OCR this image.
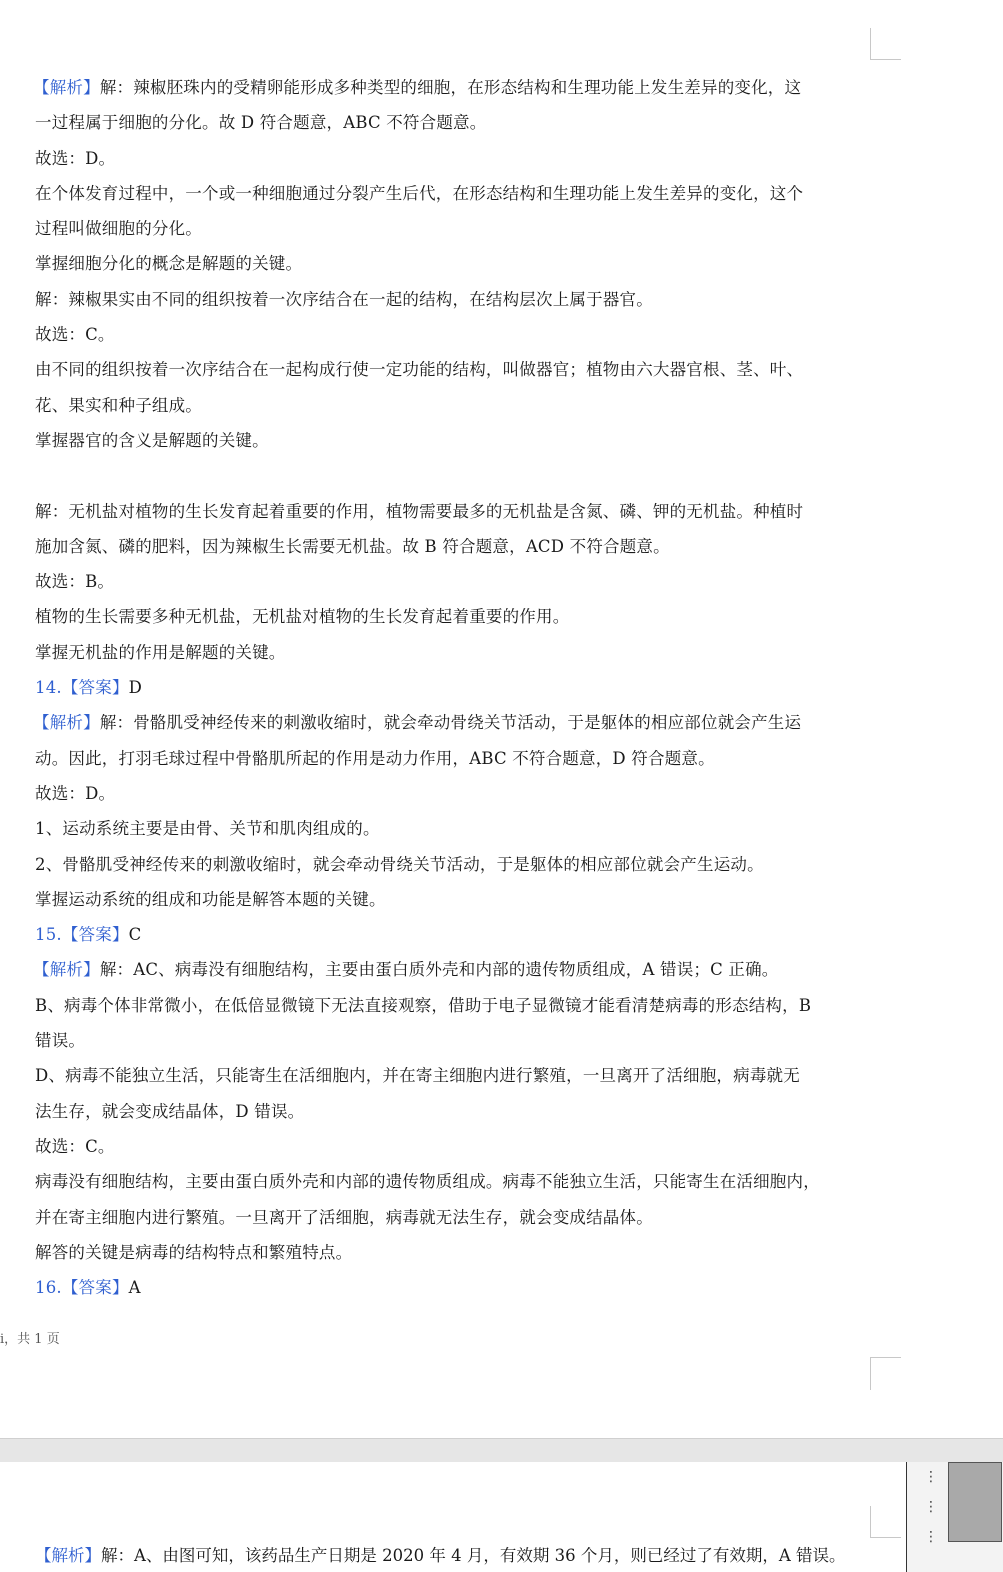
【解析】解：辣椒胚珠内的受精卵能形成多种类型的细胞，在形态结构和生理功能上发生差异的变化，这
一过程属于细胞的分化。故 D 符合题意，ABC 不符合题意。
故选：D。
在个体发育过程中，一个或一种细胞通过分裂产生后代，在形态结构和生理功能上发生差异的变化，这个
过程叫做细胞的分化。
掌握细胞分化的概念是解题的关键。
解：辣椒果实由不同的组织按着一次序结合在一起的结构，在结构层次上属于器官。
故选：C。
由不同的组织按着一次序结合在一起构成行使一定功能的结构，叫做器官；植物由六大器官根、茎、叶、
花、果实和种子组成。
掌握器官的含义是解题的关键。
解：无机盐对植物的生长发育起着重要的作用，植物需要最多的无机盐是含氮、磷、钾的无机盐。种植时
施加含氮、磷的肥料，因为辣椒生长需要无机盐。故 B 符合题意，ACD 不符合题意。
故选：B。
植物的生长需要多种无机盐，无机盐对植物的生长发育起着重要的作用。
掌握无机盐的作用是解题的关键。
14.【答案】D
【解析】解：骨骼肌受神经传来的刺激收缩时，就会牵动骨绕关节活动，于是躯体的相应部位就会产生运
动。因此，打羽毛球过程中骨骼肌所起的作用是动力作用，ABC 不符合题意，D 符合题意。
故选：D。
1、运动系统主要是由骨、关节和肌肉组成的。
2、骨骼肌受神经传来的刺激收缩时，就会牵动骨绕关节活动，于是躯体的相应部位就会产生运动。
掌握运动系统的组成和功能是解答本题的关键。
15.【答案】C
【解析】解：AC、病毒没有细胞结构，主要由蛋白质外壳和内部的遗传物质组成，A 错误；C 正确。
B、病毒个体非常微小，在低倍显微镜下无法直接观察，借助于电子显微镜才能看清楚病毒的形态结构，B
错误。
D、病毒不能独立生活，只能寄生在活细胞内，并在寄主细胞内进行繁殖，一旦离开了活细胞，病毒就无
法生存，就会变成结晶体，D 错误。
故选：C。
病毒没有细胞结构，主要由蛋白质外壳和内部的遗传物质组成。病毒不能独立生活，只能寄生在活细胞内，
并在寄主细胞内进行繁殖。一旦离开了活细胞，病毒就无法生存，就会变成结晶体。
解答的关键是病毒的结构特点和繁殖特点。
16.【答案】A
i，共 1 页
【解析】解：A、由图可知，该药品生产日期是 2020 年 4 月，有效期 36 个月，则已经过了有效期，A 错误。
⋮
⋮
⋮
